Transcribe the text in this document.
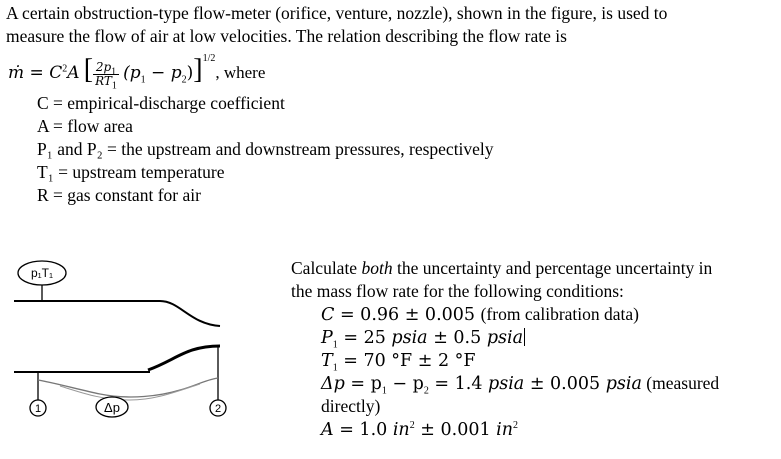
A certain obstruction-type flow-meter (orifice, venture, nozzle), shown in the figure, is used to
measure the flow of air at low velocities. The relation describing the flow rate is
ṁ = $C^2A$ [ $\frac{2p_1}{RT_1} (p_1 - p_2)]^{1/2}$, where
C = empirical-discharge coefficient
A = flow area
P₁ and P₂ = the upstream and downstream pressures, respectively
T₁ = upstream temperature
R = gas constant for air
p₁T₁
1	2
Δp
Calculate both the uncertainty and percentage uncertainty in
the mass flow rate for the following conditions:
C = 0.96 ± 0.005 (from calibration data)
$P_1 = 25$ psia ± 0.5 psia
$T_1 = 70$ °F ± 2 °F
$\Delta p = p_1 - p_2 = 1.4$ psia ± 0.005 psia (measured
directly)
A = 1.0 $in^2 \pm 0.001$ $in^2$
